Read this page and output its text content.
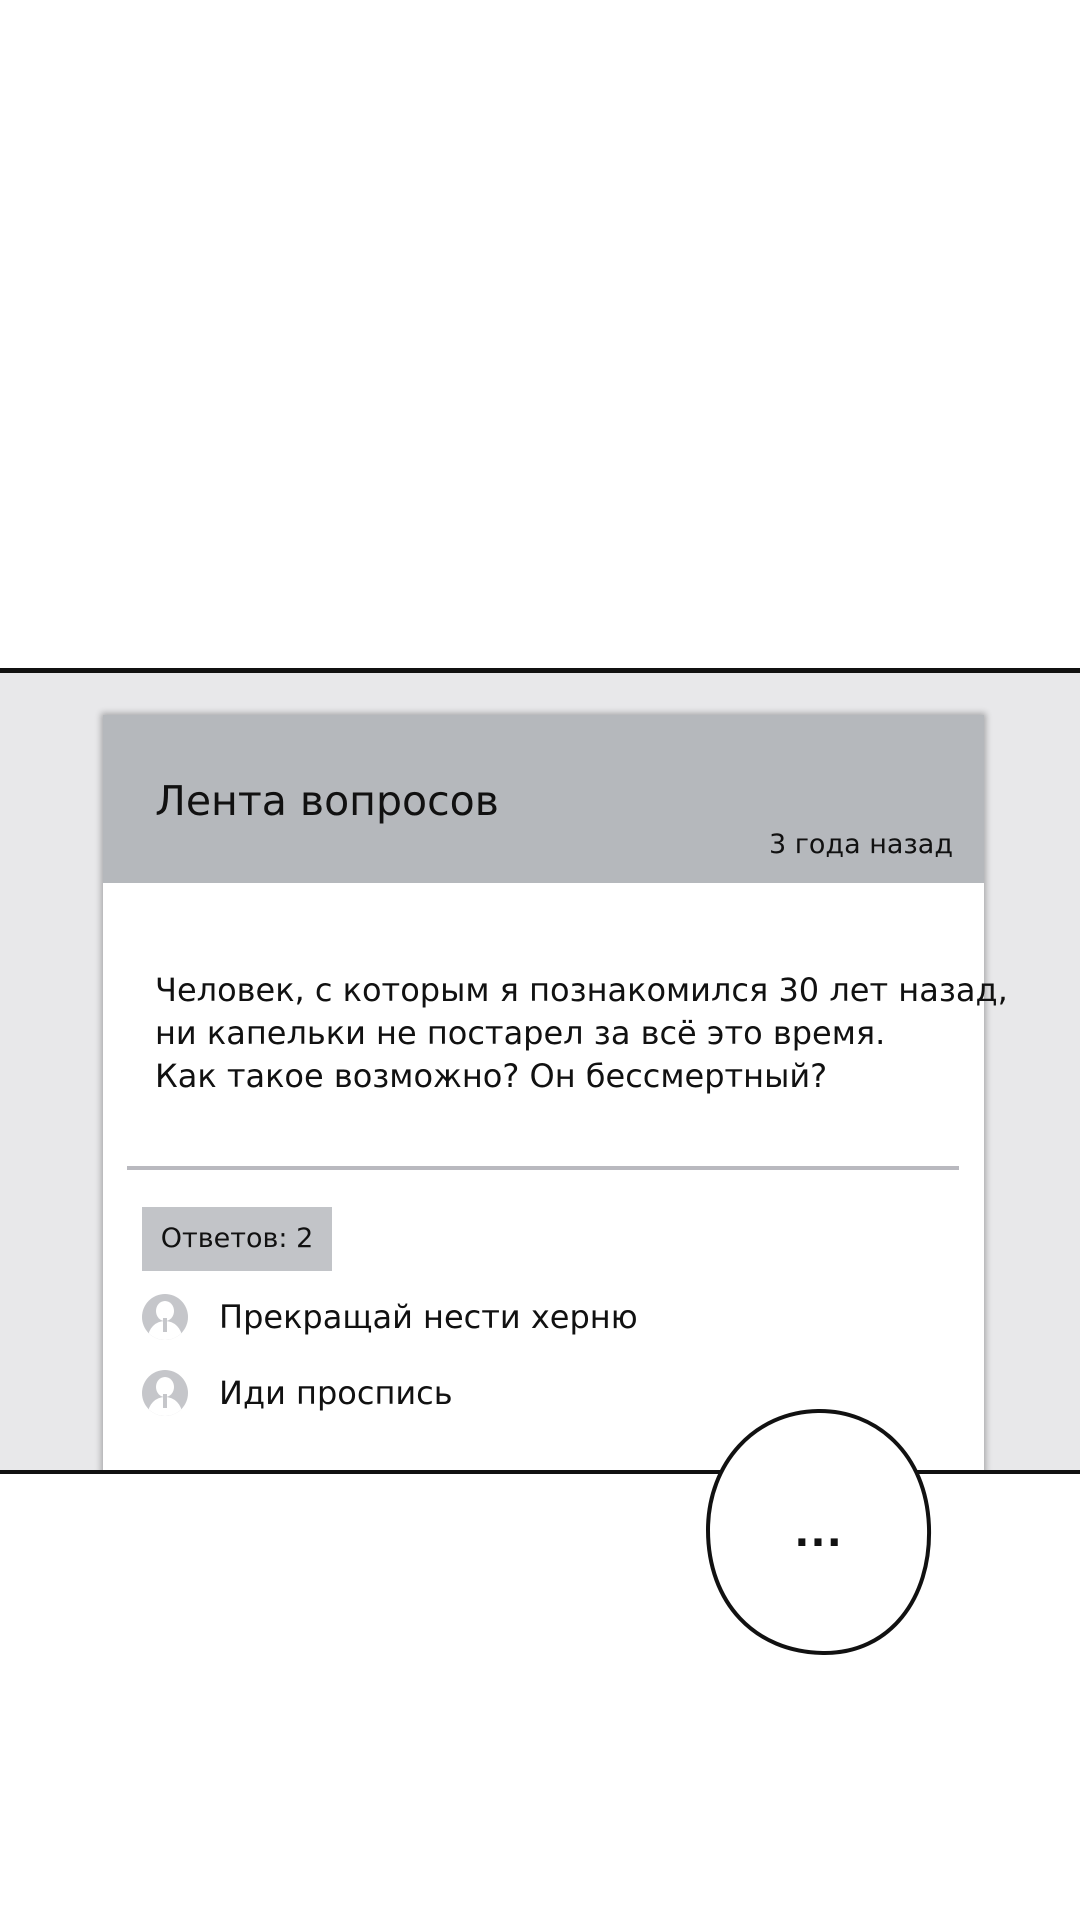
Лента вопросов
3 года назад
Человек, с которым я познакомился 30 лет назад,
ни капельки не постарел за всё это время.
Как такое возможно? Он бессмертный?
Ответов: 2
Прекращай нести херню
Иди проспись
...
